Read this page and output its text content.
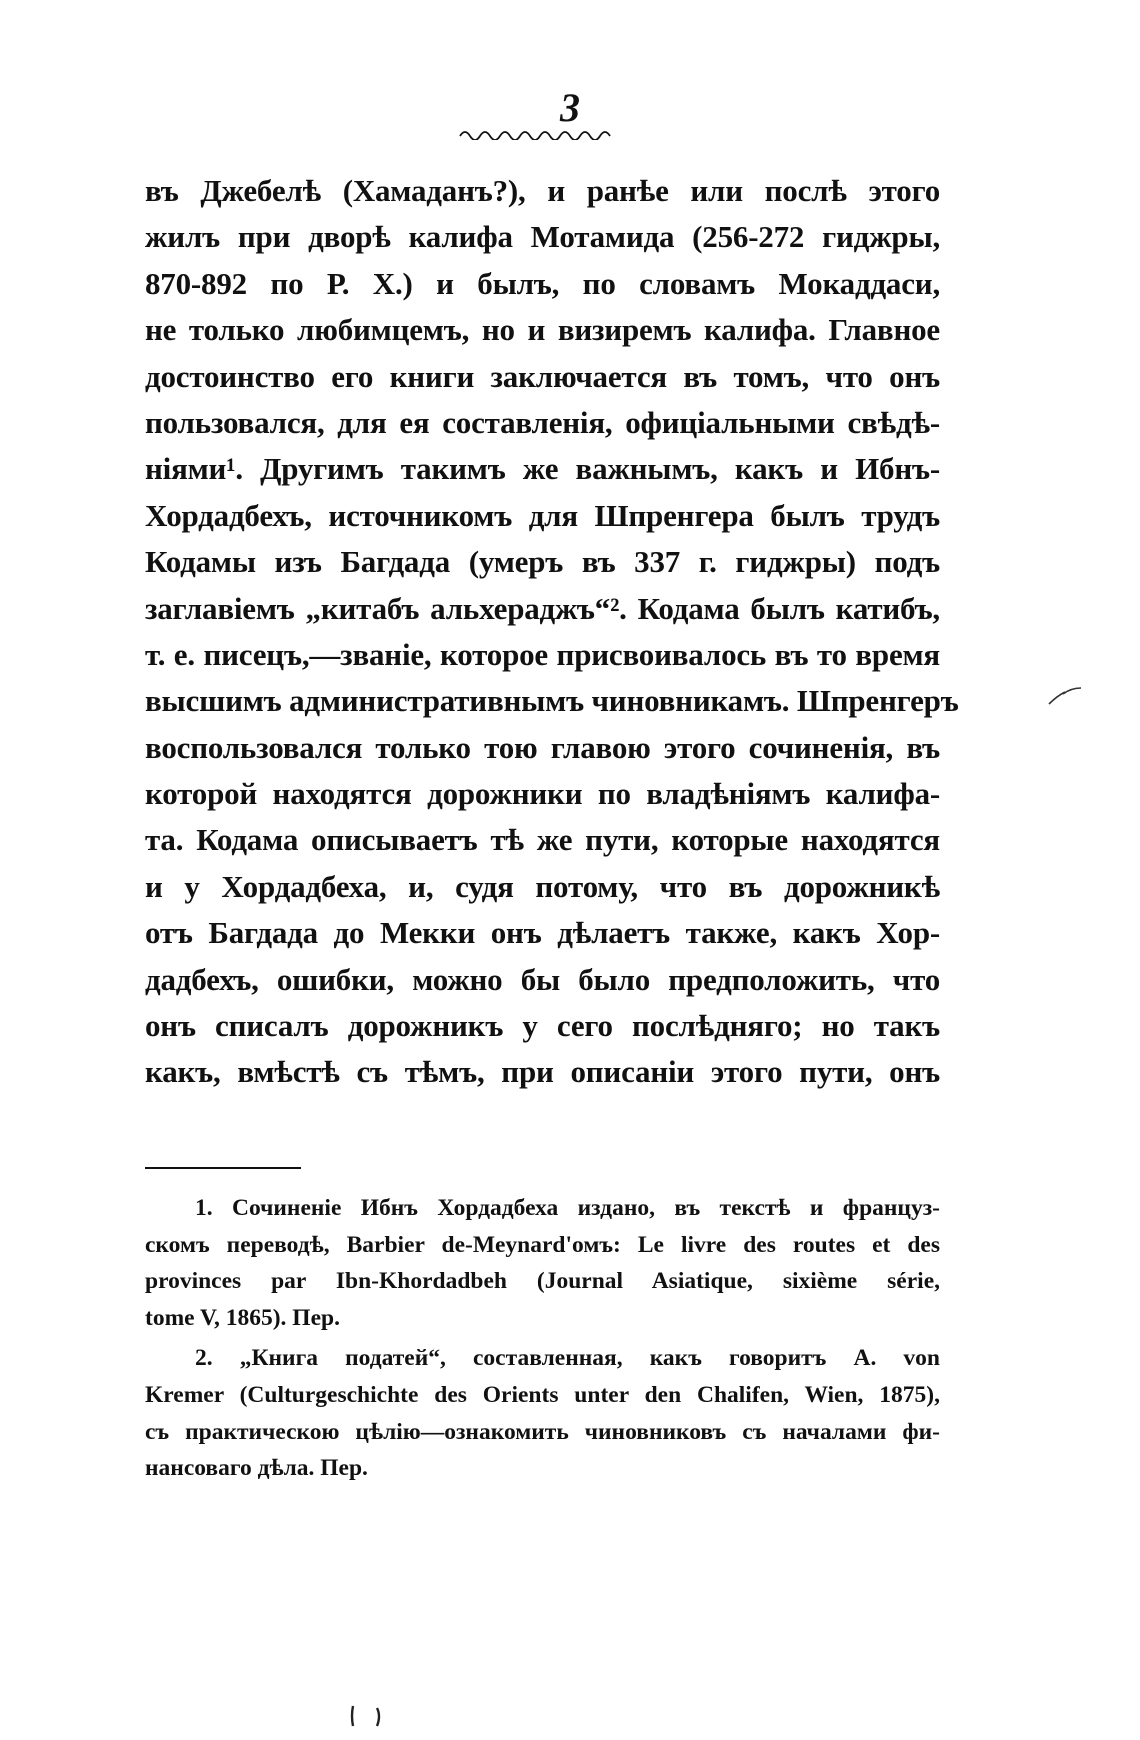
3
въ Джебелѣ (Хамаданъ?), и ранѣе или послѣ этого
жилъ при дворѣ калифа Мотамида (256-272 гиджры,
870-892 по Р. Х.) и былъ, по словамъ Мокаддаси,
не только любимцемъ, но и визиремъ калифа. Главное
достоинство его книги заключается въ томъ, что онъ
пользовался, для ея составленія, офиціальными свѣдѣ-
ніями¹. Другимъ такимъ же важнымъ, какъ и Ибнъ-
Хордадбехъ, источникомъ для Шпренгера былъ трудъ
Кодамы изъ Багдада (умеръ въ 337 г. гиджры) подъ
заглавіемъ „китабъ альхераджъ“². Кодама былъ катибъ,
т. е. писецъ,—званіе, которое присвоивалось въ то время
высшимъ административнымъ чиновникамъ. Шпренгеръ
воспользовался только тою главою этого сочиненія, въ
которой находятся дорожники по владѣніямъ калифа-
та. Кодама описываетъ тѣ же пути, которые находятся
и у Хордадбеха, и, судя потому, что въ дорожникѣ
отъ Багдада до Мекки онъ дѣлаетъ также, какъ Хор-
дадбехъ, ошибки, можно бы было предположить, что
онъ списалъ дорожникъ у сего послѣдняго; но такъ
какъ, вмѣстѣ съ тѣмъ, при описаніи этого пути, онъ
1. Сочиненіе Ибнъ Хордадбеха издано, въ текстѣ и француз-
скомъ переводѣ, Barbier de-Meynard'омъ: Le livre des routes et des
provinces par Ibn-Khordadbeh (Journal Asiatique, sixième série,
tome V, 1865). Пер.
2. „Книга податей“, составленная, какъ говоритъ А. von
Kremer (Culturgeschichte des Orients unter den Chalifen, Wien, 1875),
съ практическою цѣлію—ознакомить чиновниковъ съ началами фи-
нансоваго дѣла. Пер.
